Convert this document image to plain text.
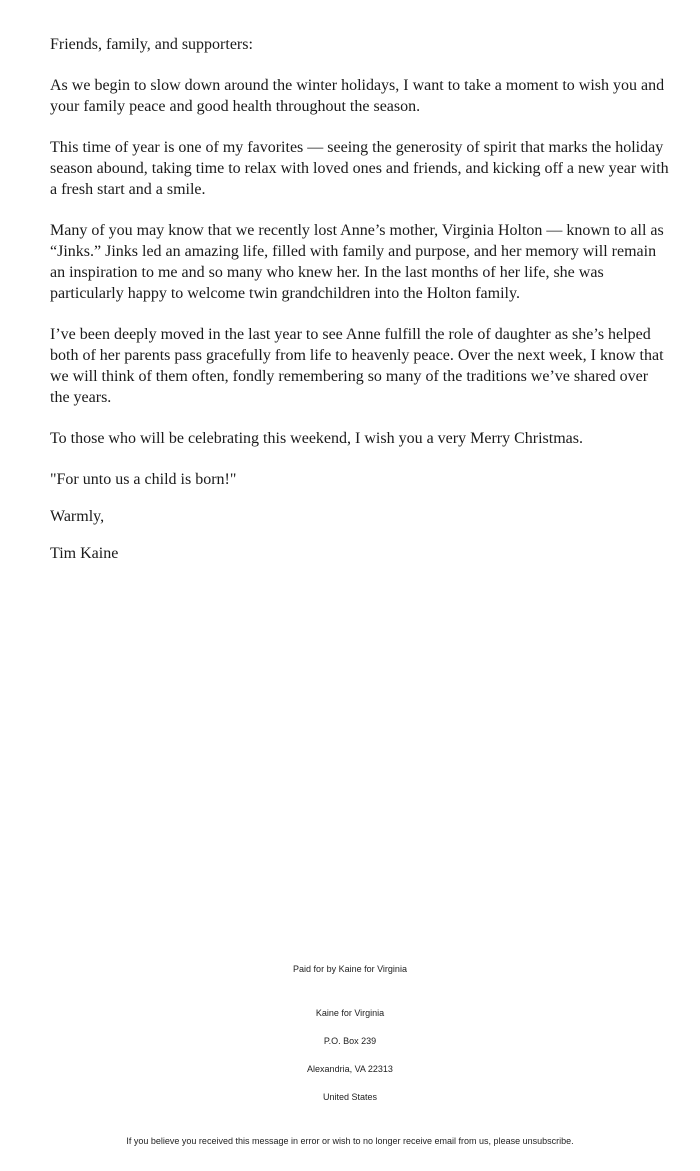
Friends, family, and supporters:

As we begin to slow down around the winter holidays, I want to take a moment to wish you and your family peace and good health throughout the season.

This time of year is one of my favorites — seeing the generosity of spirit that marks the holiday season abound, taking time to relax with loved ones and friends, and kicking off a new year with a fresh start and a smile.

Many of you may know that we recently lost Anne’s mother, Virginia Holton — known to all as “Jinks.” Jinks led an amazing life, filled with family and purpose, and her memory will remain an inspiration to me and so many who knew her. In the last months of her life, she was particularly happy to welcome twin grandchildren into the Holton family.

I’ve been deeply moved in the last year to see Anne fulfill the role of daughter as she’s helped both of her parents pass gracefully from life to heavenly peace. Over the next week, I know that we will think of them often, fondly remembering so many of the traditions we’ve shared over the years.

To those who will be celebrating this weekend, I wish you a very Merry Christmas.

"For unto us a child is born!"

Warmly,

Tim Kaine

Paid for by Kaine for Virginia

Kaine for Virginia

P.O. Box 239

Alexandria, VA 22313

United States

If you believe you received this message in error or wish to no longer receive email from us, please unsubscribe.
